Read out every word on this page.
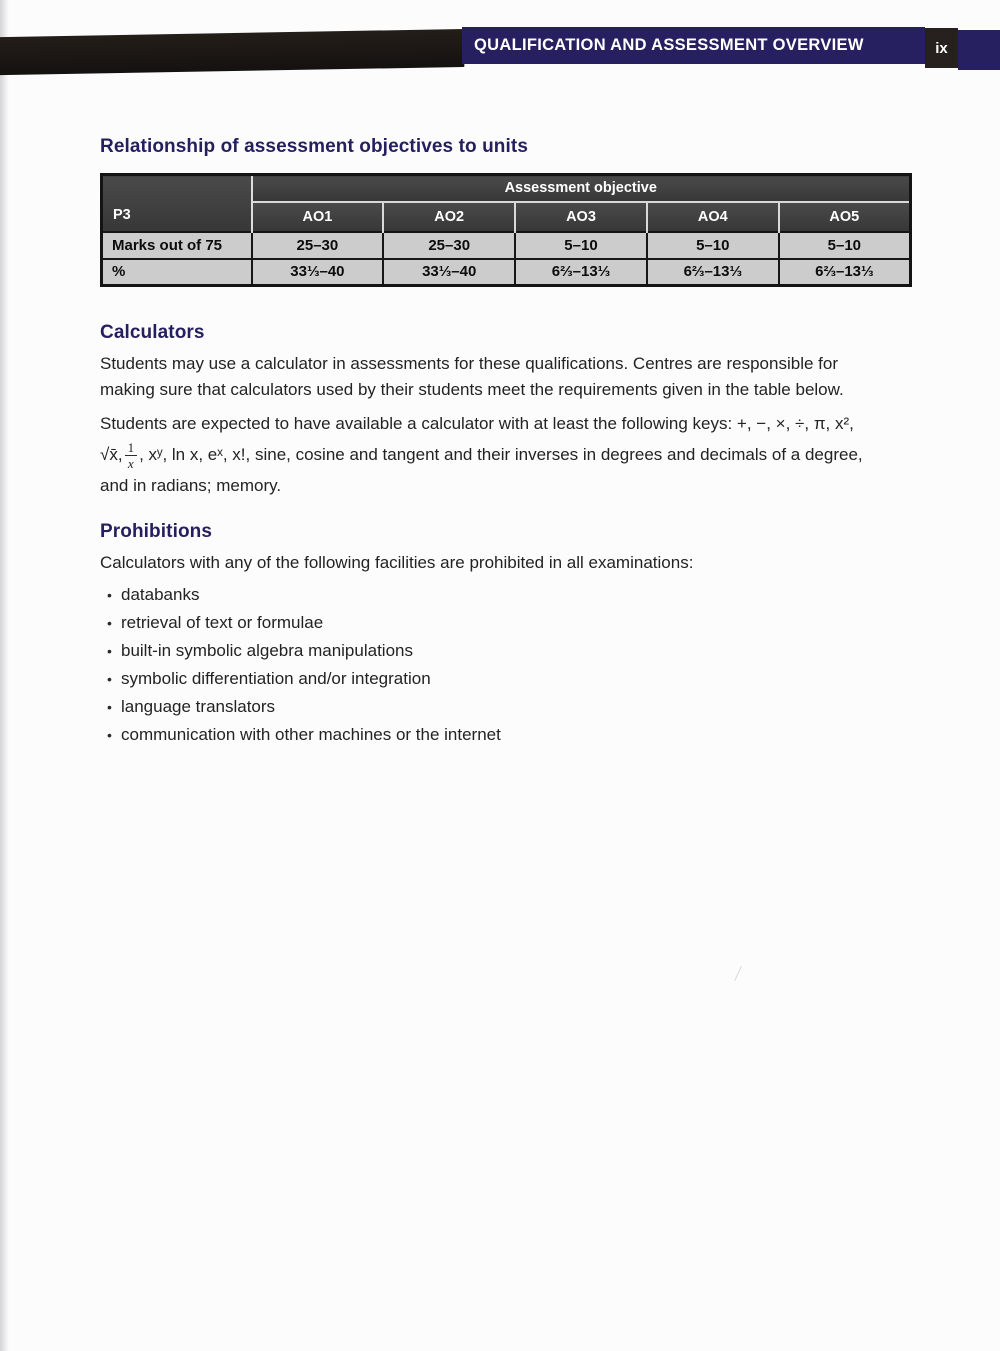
QUALIFICATION AND ASSESSMENT OVERVIEW	ix
Relationship of assessment objectives to units
P3	Assessment objective				
	AO1	AO2	AO3	AO4	AO5
Marks out of 75	25–30	25–30	5–10	5–10	5–10
%	33⅓–40	33⅓–40	6⅔–13⅓	6⅔–13⅓	6⅔–13⅓
Calculators
Students may use a calculator in assessments for these qualifications. Centres are responsible for
making sure that calculators used by their students meet the requirements given in the table below.
Students are expected to have available a calculator with at least the following keys: +, −, ×, ÷, π, x²,
√x̄, $\frac{1}{x}$ , xʸ, ln x, eˣ, x!, sine, cosine and tangent and their inverses in degrees and decimals of a degree,
and in radians; memory.
Prohibitions
Calculators with any of the following facilities are prohibited in all examinations:
• databanks
• retrieval of text or formulae
• built-in symbolic algebra manipulations
• symbolic differentiation and/or integration
• language translators
• communication with other machines or the internet
